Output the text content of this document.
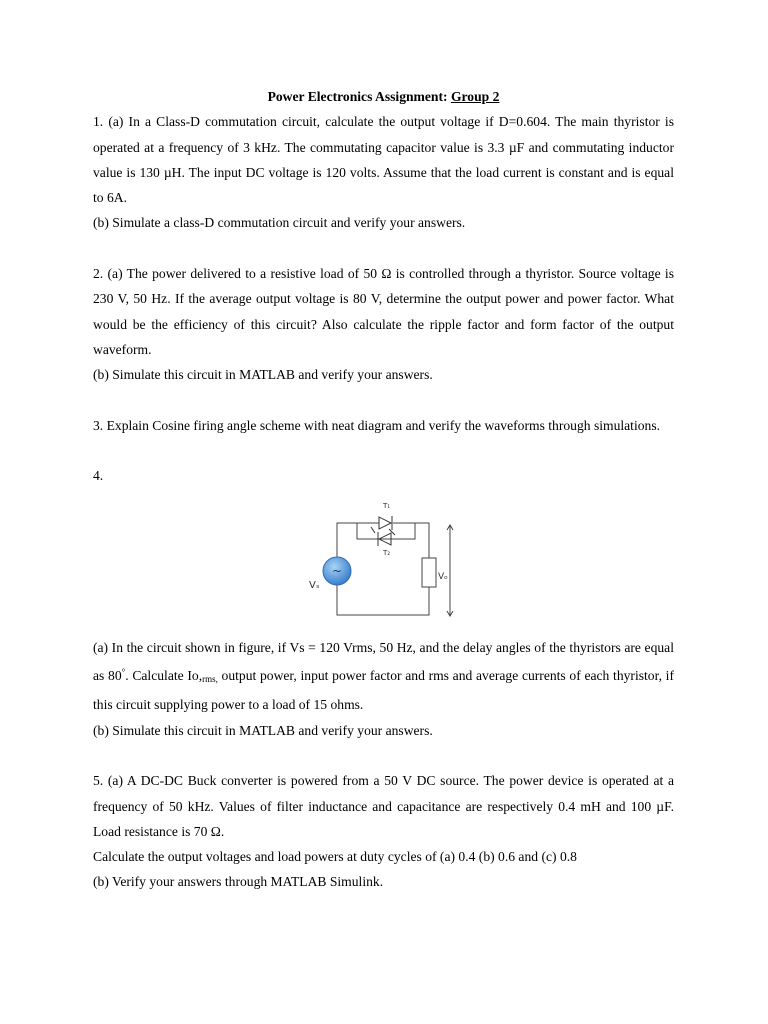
Power Electronics Assignment: Group 2

1. (a) In a Class-D commutation circuit, calculate the output voltage if D=0.604. The main thyristor is operated at a frequency of 3 kHz. The commutating capacitor value is 3.3 µF and commutating inductor value is 130 µH. The input DC voltage is 120 volts. Assume that the load current is constant and is equal to 6A.

(b) Simulate a class-D commutation circuit and verify your answers.

2. (a) The power delivered to a resistive load of 50 Ω is controlled through a thyristor. Source voltage is 230 V, 50 Hz. If the average output voltage is 80 V, determine the output power and power factor. What would be the efficiency of this circuit? Also calculate the ripple factor and form factor of the output waveform.

(b) Simulate this circuit in MATLAB and verify your answers.

3. Explain Cosine firing angle scheme with neat diagram and verify the waveforms through simulations.

4.

~
T₁
T₂
Vₛ
Vₒ

(a) In the circuit shown in figure, if Vs = 120 Vrms, 50 Hz, and the delay angles of the thyristors are equal as 80°. Calculate $Io,_{rms,}$ output power, input power factor and rms and average currents of each thyristor, if this circuit supplying power to a load of 15 ohms.

(b) Simulate this circuit in MATLAB and verify your answers.

5. (a) A DC-DC Buck converter is powered from a 50 V DC source. The power device is operated at a frequency of 50 kHz. Values of filter inductance and capacitance are respectively 0.4 mH and 100 µF. Load resistance is 70 Ω.

Calculate the output voltages and load powers at duty cycles of (a) 0.4 (b) 0.6 and (c) 0.8

(b) Verify your answers through MATLAB Simulink.
